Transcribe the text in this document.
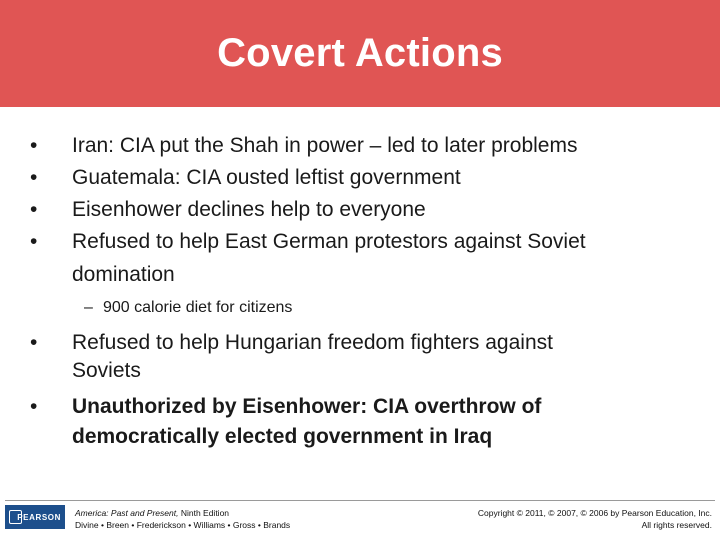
Covert Actions
•	Iran: CIA put the Shah in power – led to later problems
•	Guatemala: CIA ousted leftist government
•	Eisenhower declines help to everyone
•	Refused to help East German protestors against Soviet
domination
– 900 calorie diet for citizens
•	Refused to help Hungarian freedom fighters against
Soviets
•	Unauthorized by Eisenhower: CIA overthrow of
democratically elected government in Iraq
PEARSON America: Past and Present, Ninth Edition
Divine • Breen • Frederickson • Williams • Gross • Brands
Copyright © 2011, © 2007, © 2006 by Pearson Education, Inc.
All rights reserved.
